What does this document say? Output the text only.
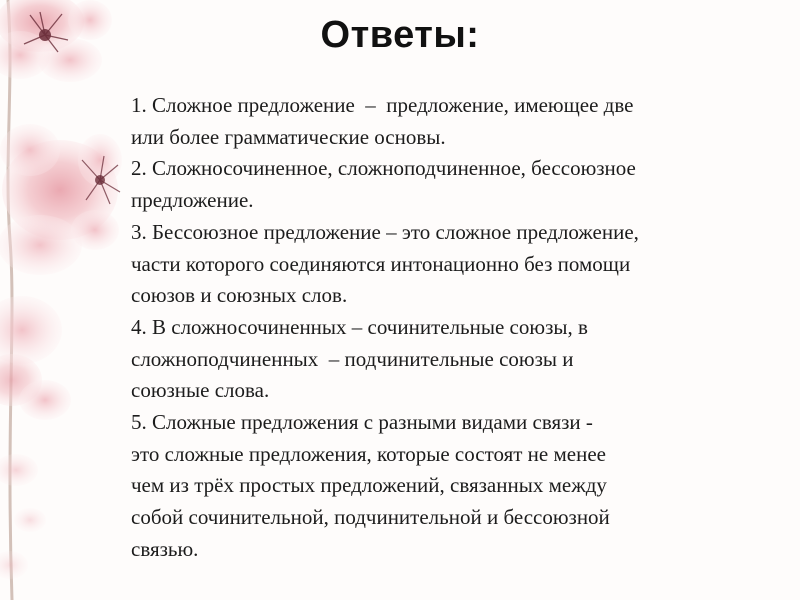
Ответы:
1. Сложное предложение  –  предложение, имеющее две
или более грамматические основы.
2. Сложносочиненное, сложноподчиненное, бессоюзное
предложение.
3. Бессоюзное предложение – это сложное предложение,
части которого соединяются интонационно без помощи
союзов и союзных слов.
4. В сложносочиненных – сочинительные союзы, в
сложноподчиненных  – подчинительные союзы и
союзные слова.
5. Сложные предложения с разными видами связи -
это сложные предложения, которые состоят не менее
чем из трёх простых предложений, связанных между
собой сочинительной, подчинительной и бессоюзной
связью.
